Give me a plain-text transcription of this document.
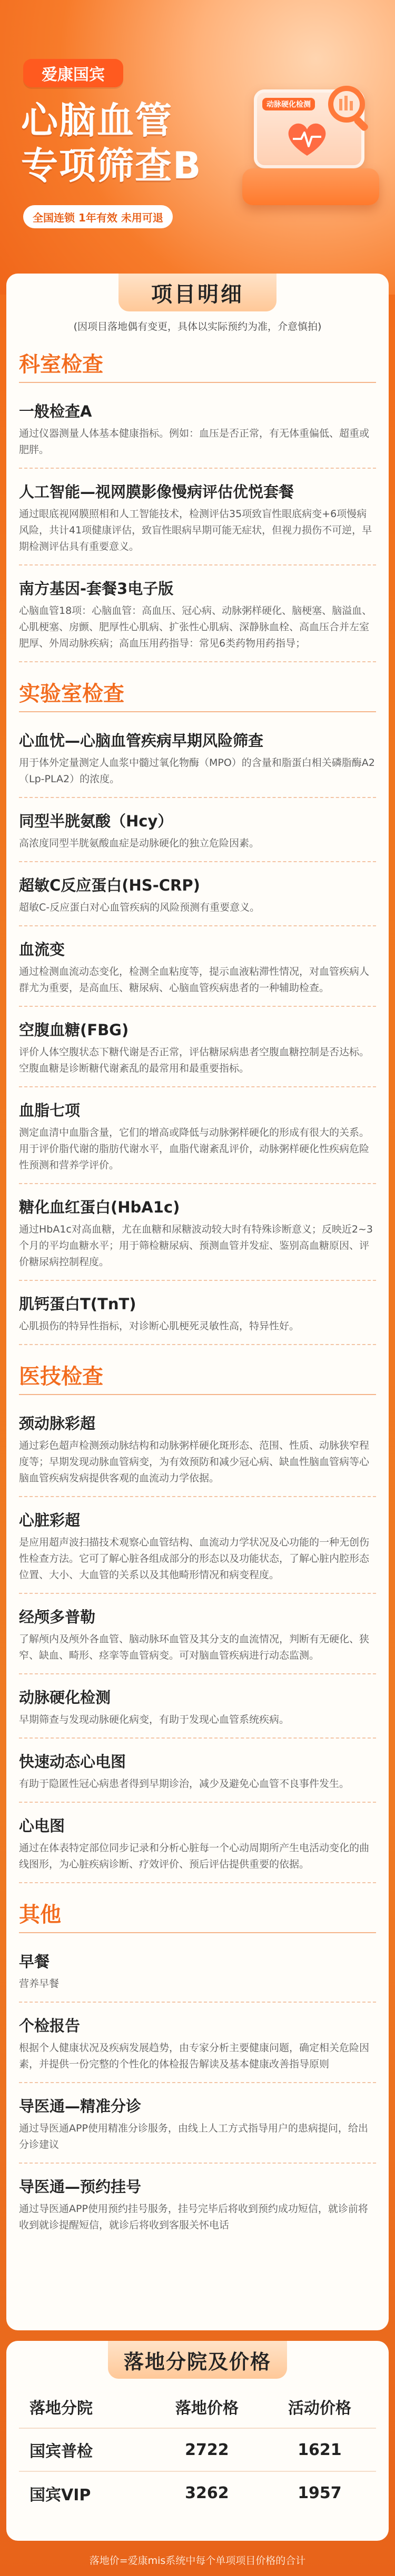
爱康国宾
心脑血管
专项筛查B
全国连锁 1年有效 未用可退
动脉硬化检测
项目明细
(因项目落地偶有变更，具体以实际预约为准，介意慎拍)
科室检查
一般检查A
通过仪器测量人体基本健康指标。例如：血压是否正常，有无体重偏低、超重或肥胖。
人工智能—视网膜影像慢病评估优悦套餐
通过眼底视网膜照相和人工智能技术，检测评估35项致盲性眼底病变+6项慢病风险，共计41项健康评估，致盲性眼病早期可能无症状，但视力损伤不可逆，早期检测评估具有重要意义。
南方基因-套餐3电子版
心脑血管18项：心脑血管：高血压、冠心病、动脉粥样硬化、脑梗塞、脑溢血、心肌梗塞、房颤、肥厚性心肌病、扩张性心肌病、深静脉血栓、高血压合并左室肥厚、外周动脉疾病；高血压用药指导：常见6类药物用药指导；
实验室检查
心血忧—心脑血管疾病早期风险筛查
用于体外定量测定人血浆中髓过氧化物酶（MPO）的含量和脂蛋白相关磷脂酶A2（Lp-PLA2）的浓度。
同型半胱氨酸（Hcy）
高浓度同型半胱氨酸血症是动脉硬化的独立危险因素。
超敏C反应蛋白(HS-CRP)
超敏C-反应蛋白对心血管疾病的风险预测有重要意义。
血流变
通过检测血流动态变化，检测全血粘度等，提示血液粘滞性情况，对血管疾病人群尤为重要，是高血压、糖尿病、心脑血管疾病患者的一种辅助检查。
空腹血糖(FBG)
评价人体空腹状态下糖代谢是否正常，评估糖尿病患者空腹血糖控制是否达标。空腹血糖是诊断糖代谢紊乱的最常用和最重要指标。
血脂七项
测定血清中血脂含量，它们的增高或降低与动脉粥样硬化的形成有很大的关系。用于评价脂代谢的脂肪代谢水平，血脂代谢紊乱评价，动脉粥样硬化性疾病危险性预测和营养学评价。
糖化血红蛋白(HbA1c)
通过HbA1c对高血糖，尤在血糖和尿糖波动较大时有特殊诊断意义；反映近2~3个月的平均血糖水平；用于筛检糖尿病、预测血管并发症、鉴别高血糖原因、评价糖尿病控制程度。
肌钙蛋白T(TnT)
心肌损伤的特异性指标，对诊断心肌梗死灵敏性高，特异性好。
医技检查
颈动脉彩超
通过彩色超声检测颈动脉结构和动脉粥样硬化斑形态、范围、性质、动脉狭窄程度等；早期发现动脉血管病变，为有效预防和减少冠心病、缺血性脑血管病等心脑血管疾病发病提供客观的血流动力学依据。
心脏彩超
是应用超声波扫描技术观察心血管结构、血流动力学状况及心功能的一种无创伤性检查方法。它可了解心脏各组成部分的形态以及功能状态，了解心脏内腔形态位置、大小、大血管的关系以及其他畸形情况和病变程度。
经颅多普勒
了解颅内及颅外各血管、脑动脉环血管及其分支的血流情况，判断有无硬化、狭窄、缺血、畸形、痉挛等血管病变。可对脑血管疾病进行动态监测。
动脉硬化检测
早期筛查与发现动脉硬化病变，有助于发现心血管系统疾病。
快速动态心电图
有助于隐匿性冠心病患者得到早期诊治，减少及避免心血管不良事件发生。
心电图
通过在体表特定部位同步记录和分析心脏每一个心动周期所产生电活动变化的曲线图形，为心脏疾病诊断、疗效评价、预后评估提供重要的依据。
其他
早餐
营养早餐
个检报告
根据个人健康状况及疾病发展趋势，由专家分析主要健康问题，确定相关危险因素，并提供一份完整的个性化的体检报告解读及基本健康改善指导原则
导医通—精准分诊
通过导医通APP使用精准分诊服务，由线上人工方式指导用户的患病提问，给出分诊建议
导医通—预约挂号
通过导医通APP使用预约挂号服务，挂号完毕后将收到预约成功短信，就诊前将收到就诊提醒短信，就诊后将收到客服关怀电话
落地分院及价格
落地分院	落地价格	活动价格
国宾普检	2722	1621
国宾VIP	3262	1957
落地价=爱康mis系统中每个单项项目价格的合计
